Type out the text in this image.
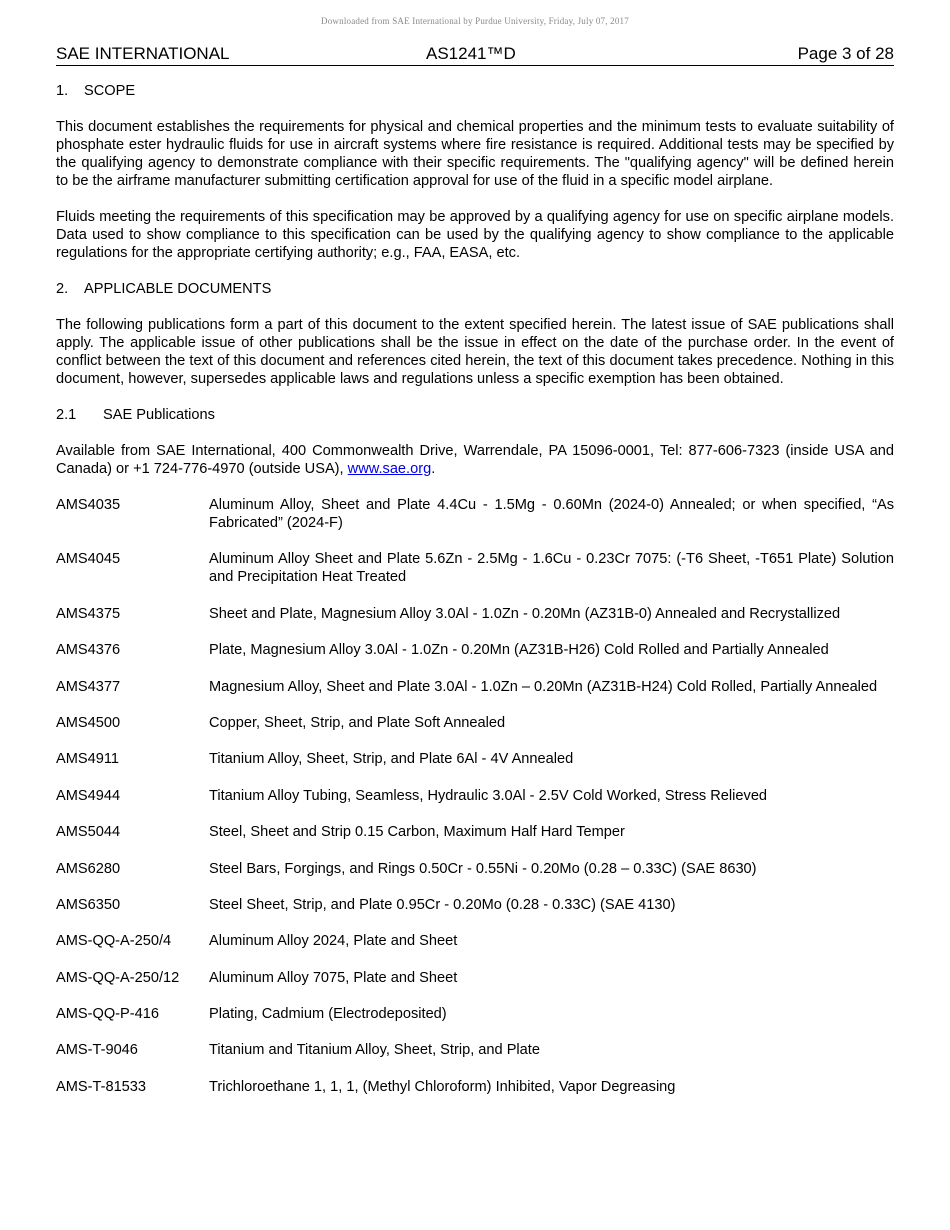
Downloaded from SAE International by Purdue University, Friday, July 07, 2017
SAE INTERNATIONAL	AS1241™D	Page 3 of 28
1. SCOPE

This document establishes the requirements for physical and chemical properties and the minimum tests to evaluate suitability of phosphate ester hydraulic fluids for use in aircraft systems where fire resistance is required. Additional tests may be specified by the qualifying agency to demonstrate compliance with their specific requirements. The "qualifying agency" will be defined herein to be the airframe manufacturer submitting certification approval for use of the fluid in a specific model airplane.

Fluids meeting the requirements of this specification may be approved by a qualifying agency for use on specific airplane models. Data used to show compliance to this specification can be used by the qualifying agency to show compliance to the applicable regulations for the appropriate certifying authority; e.g., FAA, EASA, etc.

2. APPLICABLE DOCUMENTS

The following publications form a part of this document to the extent specified herein. The latest issue of SAE publications shall apply. The applicable issue of other publications shall be the issue in effect on the date of the purchase order. In the event of conflict between the text of this document and references cited herein, the text of this document takes precedence. Nothing in this document, however, supersedes applicable laws and regulations unless a specific exemption has been obtained.

2.1 SAE Publications

Available from SAE International, 400 Commonwealth Drive, Warrendale, PA 15096-0001, Tel: 877-606-7323 (inside USA and Canada) or +1 724-776-4970 (outside USA), www.sae.org.

AMS4035	Aluminum Alloy, Sheet and Plate 4.4Cu - 1.5Mg - 0.60Mn (2024-0) Annealed; or when specified, “As Fabricated” (2024-F)
AMS4045	Aluminum Alloy Sheet and Plate 5.6Zn - 2.5Mg - 1.6Cu - 0.23Cr 7075: (-T6 Sheet, -T651 Plate) Solution and Precipitation Heat Treated
AMS4375	Sheet and Plate, Magnesium Alloy 3.0Al - 1.0Zn - 0.20Mn (AZ31B-0) Annealed and Recrystallized
AMS4376	Plate, Magnesium Alloy 3.0Al - 1.0Zn - 0.20Mn (AZ31B-H26) Cold Rolled and Partially Annealed
AMS4377	Magnesium Alloy, Sheet and Plate 3.0Al - 1.0Zn – 0.20Mn (AZ31B-H24) Cold Rolled, Partially Annealed
AMS4500	Copper, Sheet, Strip, and Plate Soft Annealed
AMS4911	Titanium Alloy, Sheet, Strip, and Plate 6Al - 4V Annealed
AMS4944	Titanium Alloy Tubing, Seamless, Hydraulic 3.0Al - 2.5V Cold Worked, Stress Relieved
AMS5044	Steel, Sheet and Strip 0.15 Carbon, Maximum Half Hard Temper
AMS6280	Steel Bars, Forgings, and Rings 0.50Cr - 0.55Ni - 0.20Mo (0.28 – 0.33C) (SAE 8630)
AMS6350	Steel Sheet, Strip, and Plate 0.95Cr - 0.20Mo (0.28 - 0.33C) (SAE 4130)
AMS-QQ-A-250/4	Aluminum Alloy 2024, Plate and Sheet
AMS-QQ-A-250/12	Aluminum Alloy 7075, Plate and Sheet
AMS-QQ-P-416	Plating, Cadmium (Electrodeposited)
AMS-T-9046	Titanium and Titanium Alloy, Sheet, Strip, and Plate
AMS-T-81533	Trichloroethane 1, 1, 1, (Methyl Chloroform) Inhibited, Vapor Degreasing
